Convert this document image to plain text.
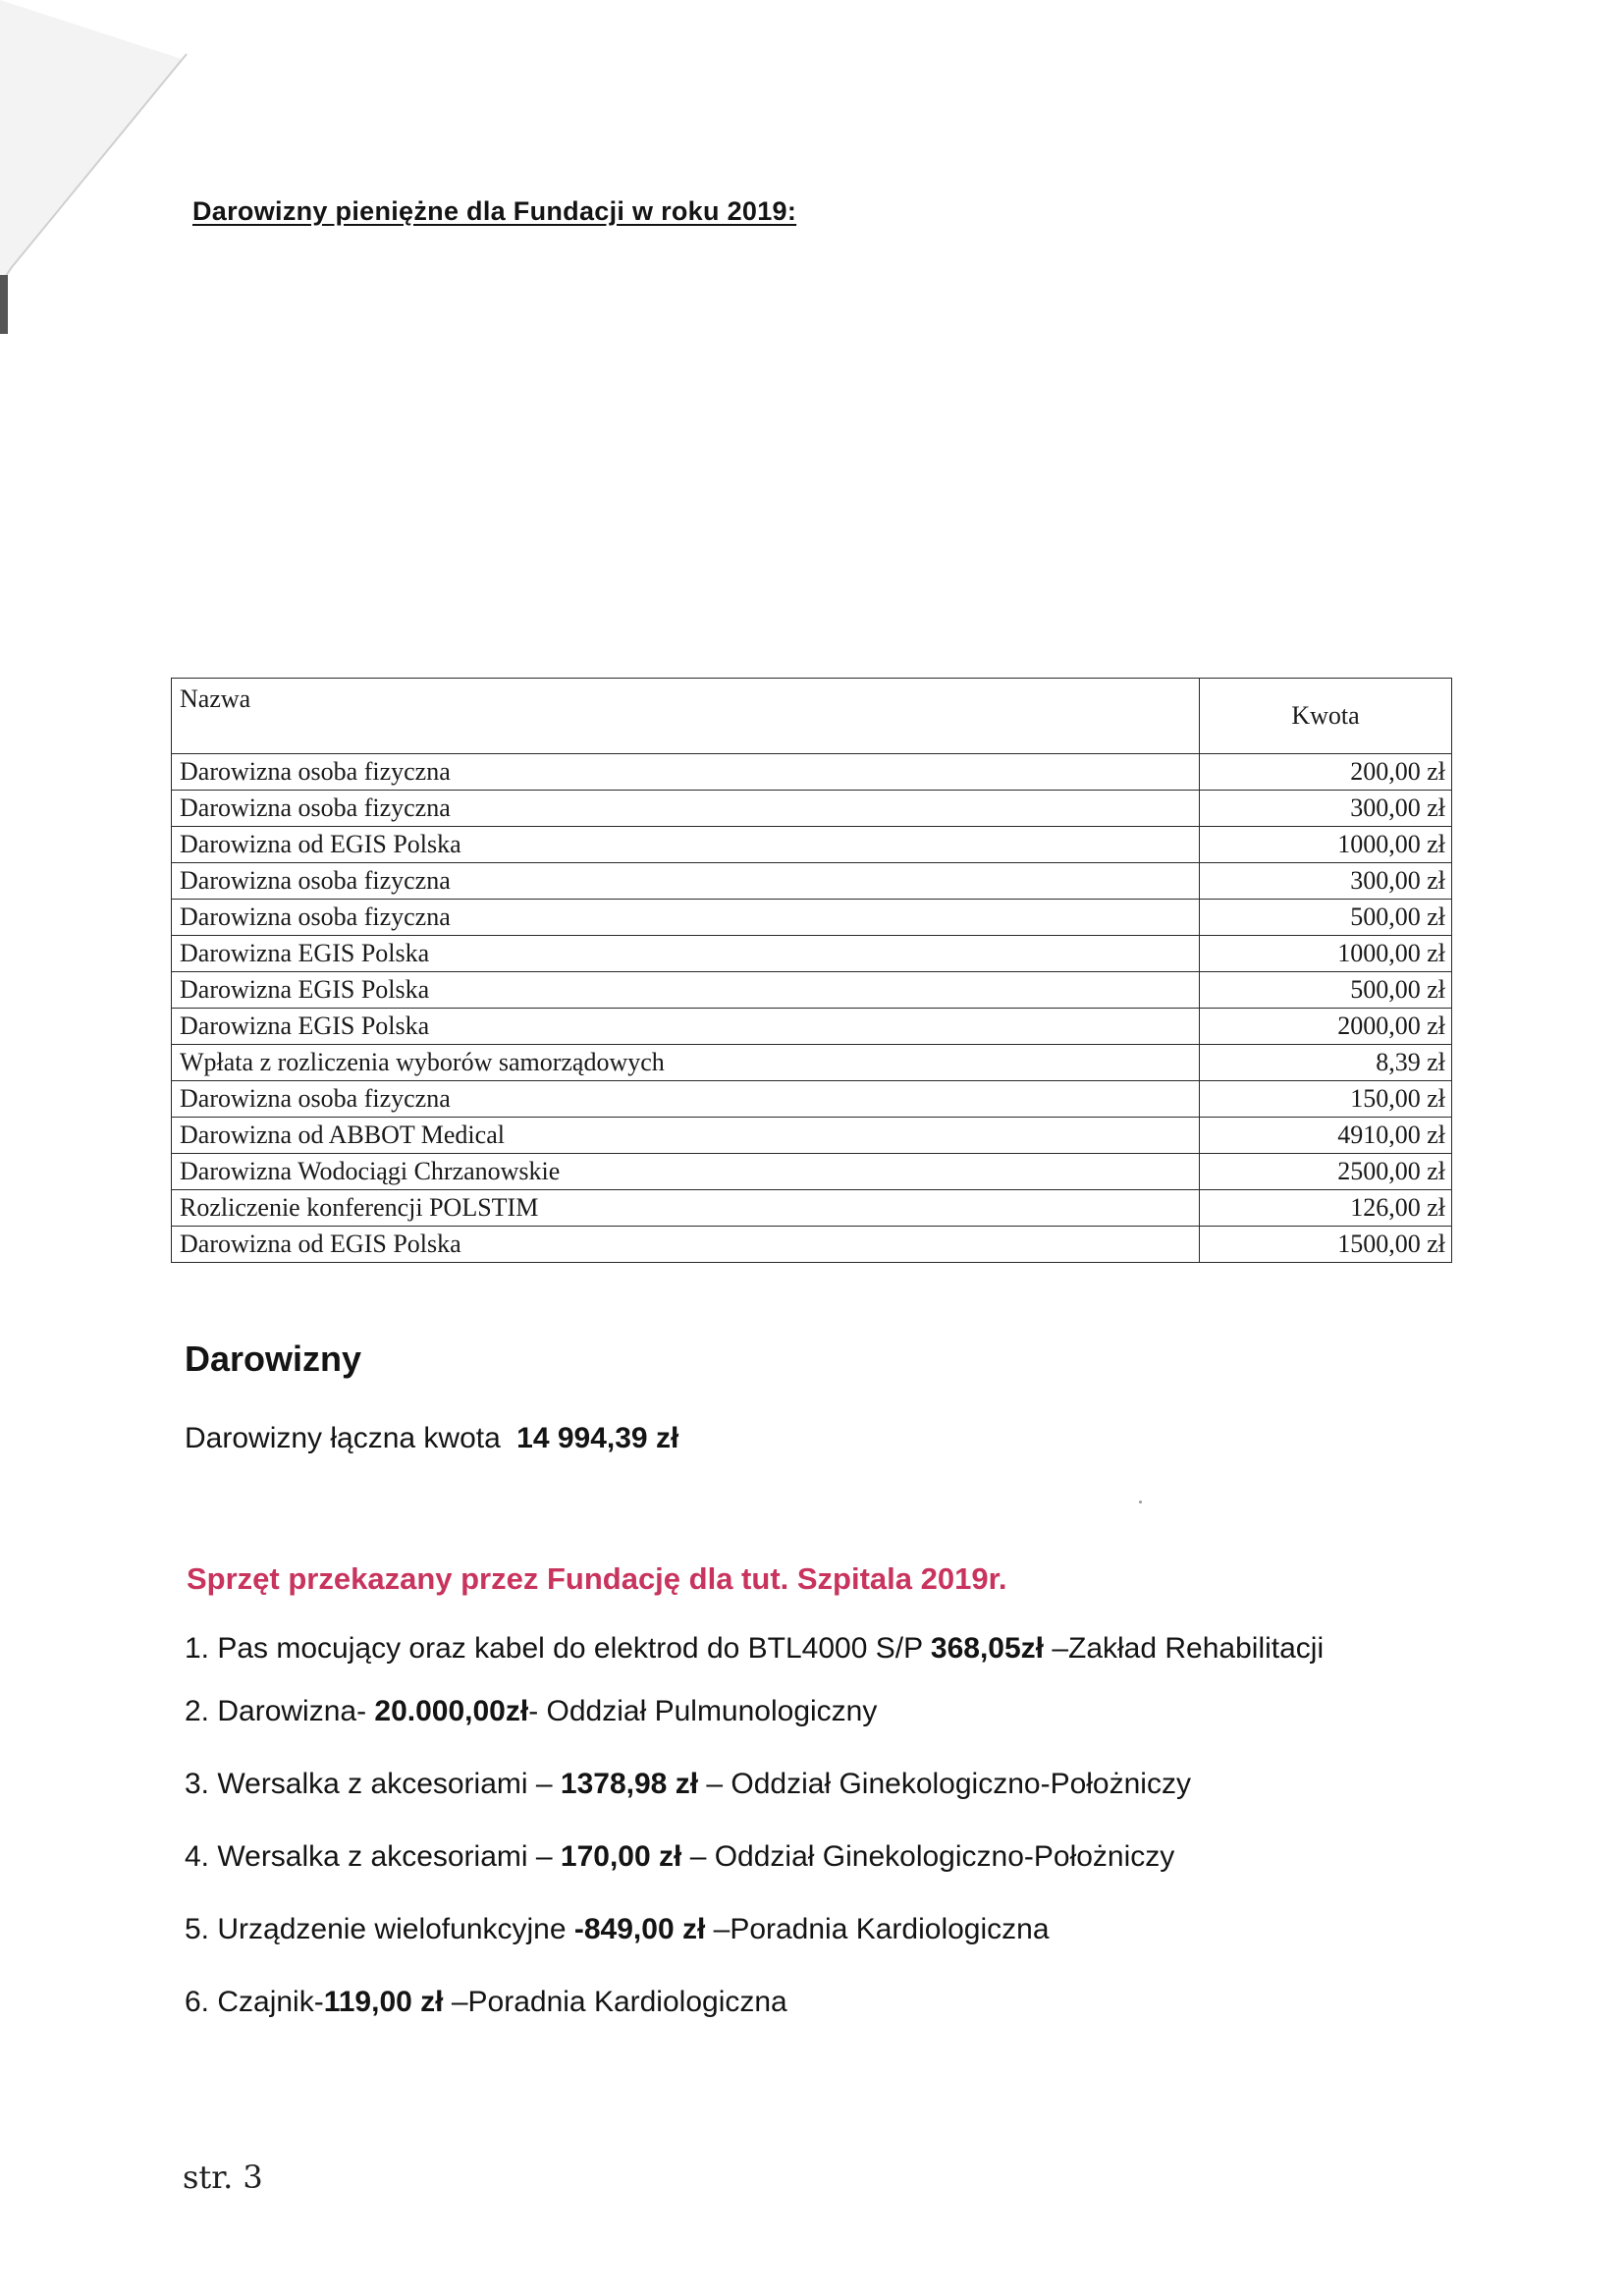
Darowizny pieniężne dla Fundacji w roku 2019:
Nazwa	Kwota
Darowizna osoba fizyczna	200,00 zł
Darowizna osoba fizyczna	300,00 zł
Darowizna od EGIS Polska	1000,00 zł
Darowizna osoba fizyczna	300,00 zł
Darowizna osoba fizyczna	500,00 zł
Darowizna EGIS Polska	1000,00 zł
Darowizna EGIS Polska	500,00 zł
Darowizna EGIS Polska	2000,00 zł
Wpłata z rozliczenia wyborów samorządowych	8,39 zł
Darowizna osoba fizyczna	150,00 zł
Darowizna od ABBOT Medical	4910,00 zł
Darowizna Wodociągi Chrzanowskie	2500,00 zł
Rozliczenie konferencji POLSTIM	126,00 zł
Darowizna od EGIS Polska	1500,00 zł
Darowizny
Darowizny łączna kwota 14 994,39 zł
Sprzęt przekazany przez Fundację dla tut. Szpitala 2019r.
1. Pas mocujący oraz kabel do elektrod do BTL4000 S/P 368,05zł –Zakład Rehabilitacji
2. Darowizna- 20.000,00zł- Oddział Pulmunologiczny
3. Wersalka z akcesoriami – 1378,98 zł – Oddział Ginekologiczno-Położniczy
4. Wersalka z akcesoriami – 170,00 zł – Oddział Ginekologiczno-Położniczy
5. Urządzenie wielofunkcyjne -849,00 zł –Poradnia Kardiologiczna
6. Czajnik-119,00 zł –Poradnia Kardiologiczna
str. 3
